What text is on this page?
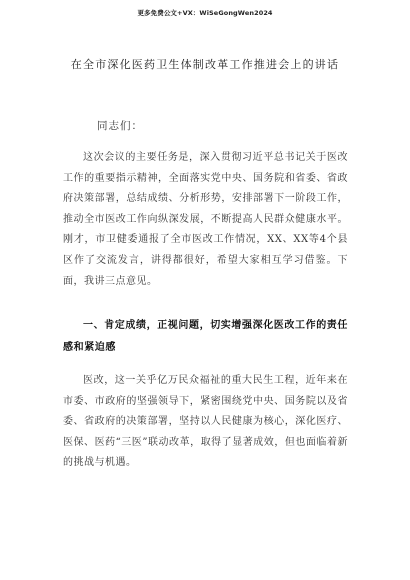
更多免费公文+VX：WiSeGongWen2024
在全市深化医药卫生体制改革工作推进会上的讲话
同志们：

这次会议的主要任务是，深入贯彻习近平总书记关于医改工作的重要指示精神，全面落实党中央、国务院和省委、省政府决策部署，总结成绩、分析形势，安排部署下一阶段工作，推动全市医改工作向纵深发展，不断提高人民群众健康水平。刚才，市卫健委通报了全市医改工作情况，XX、XX等4个县区作了交流发言，讲得都很好，希望大家相互学习借鉴。下面，我讲三点意见。

一、肯定成绩，正视问题，切实增强深化医改工作的责任感和紧迫感

医改，这一关乎亿万民众福祉的重大民生工程，近年来在市委、市政府的坚强领导下，紧密围绕党中央、国务院以及省委、省政府的决策部署，坚持以人民健康为核心，深化医疗、医保、医药“三医”联动改革，取得了显著成效，但也面临着新的挑战与机遇。
